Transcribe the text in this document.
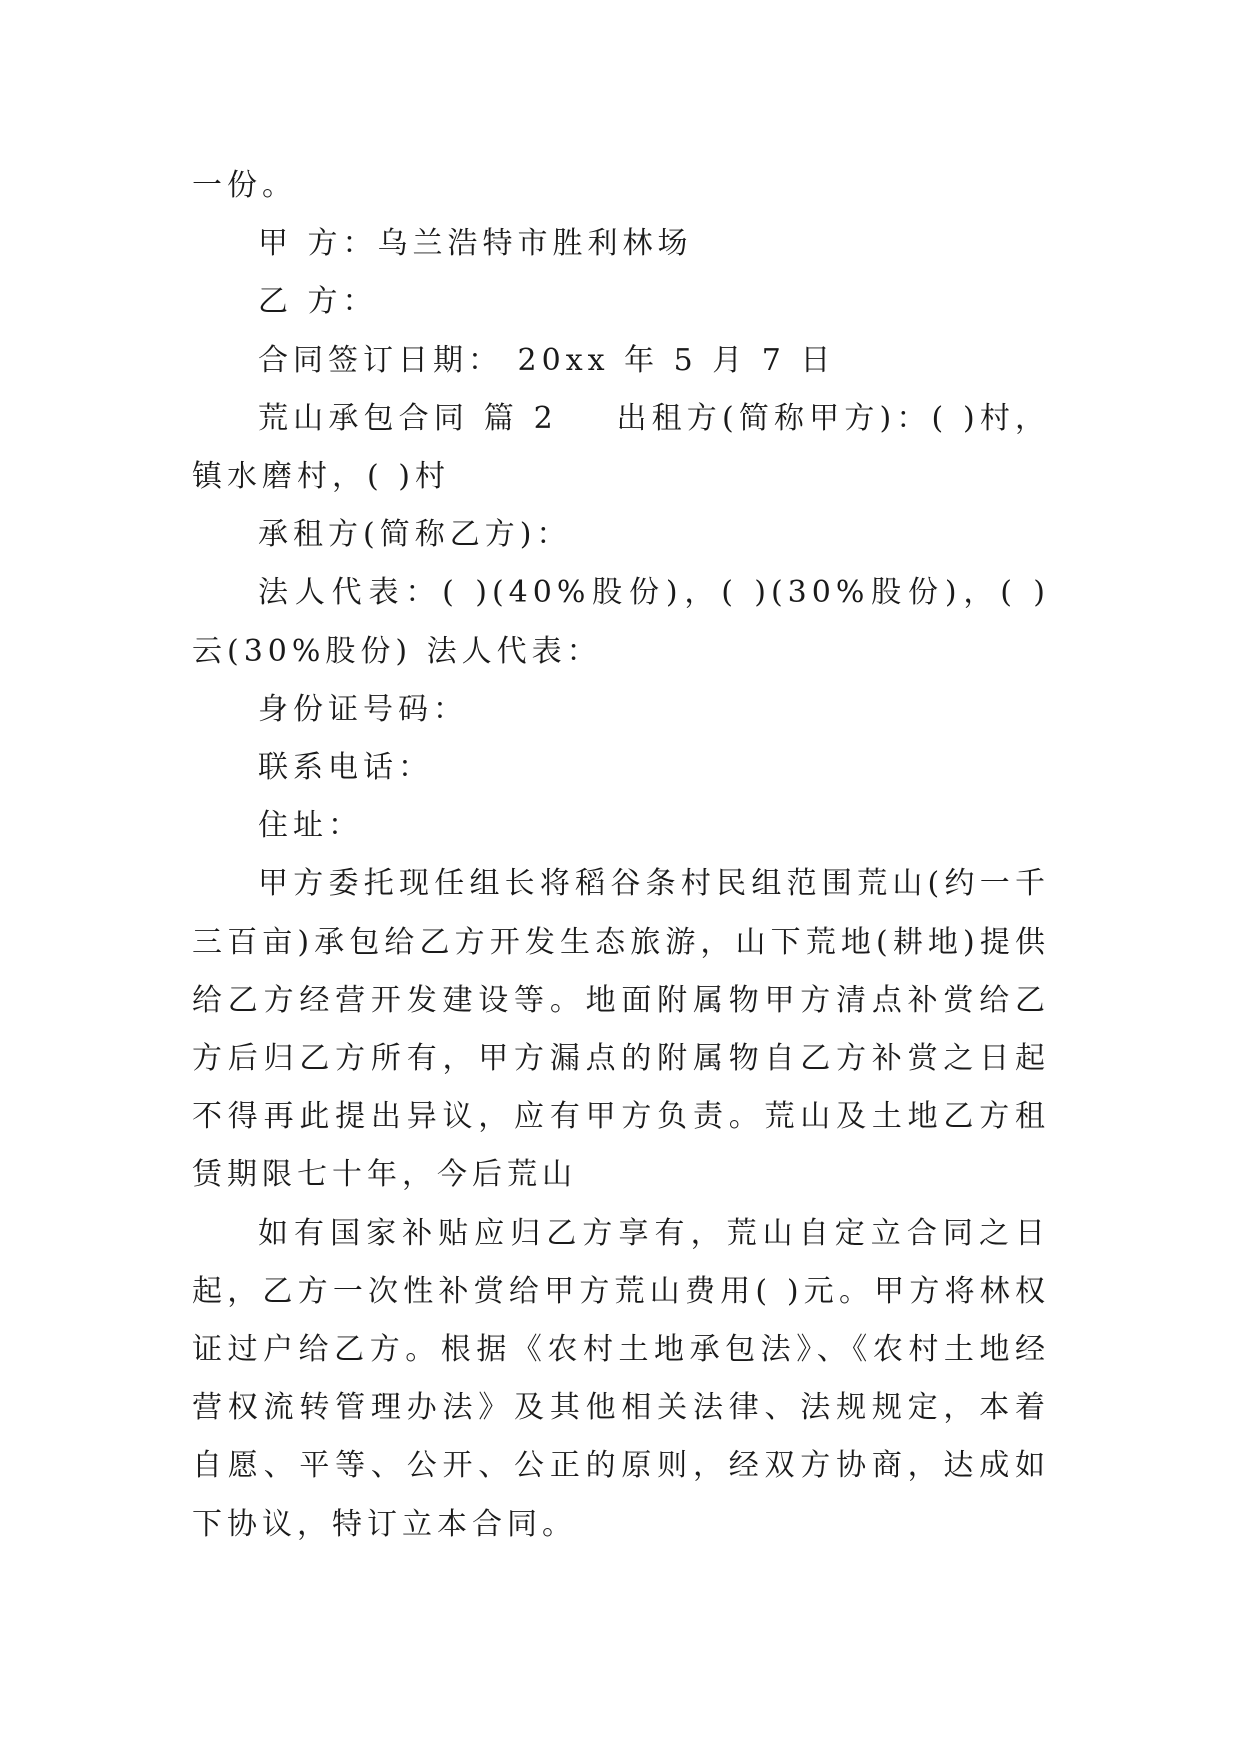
一份。

甲 方：乌兰浩特市胜利林场

乙 方：

合同签订日期： 20xx 年 5 月 7 日

荒山承包合同 篇 2    出租方(简称甲方)：( )村，镇水磨村，( )村

承租方(简称乙方)：

法人代表：( )(40%股份)，( )(30%股份)，( )云(30%股份) 法人代表：

身份证号码：

联系电话：

住址：

甲方委托现任组长将稻谷条村民组范围荒山(约一千三百亩)承包给乙方开发生态旅游，山下荒地(耕地)提供给乙方经营开发建设等。地面附属物甲方清点补赏给乙方后归乙方所有，甲方漏点的附属物自乙方补赏之日起不得再此提出异议，应有甲方负责。荒山及土地乙方租赁期限七十年，今后荒山

如有国家补贴应归乙方享有，荒山自定立合同之日起，乙方一次性补赏给甲方荒山费用( )元。甲方将林权证过户给乙方。根据《农村土地承包法》、《农村土地经营权流转管理办法》及其他相关法律、法规规定，本着自愿、平等、公开、公正的原则，经双方协商，达成如下协议，特订立本合同。
